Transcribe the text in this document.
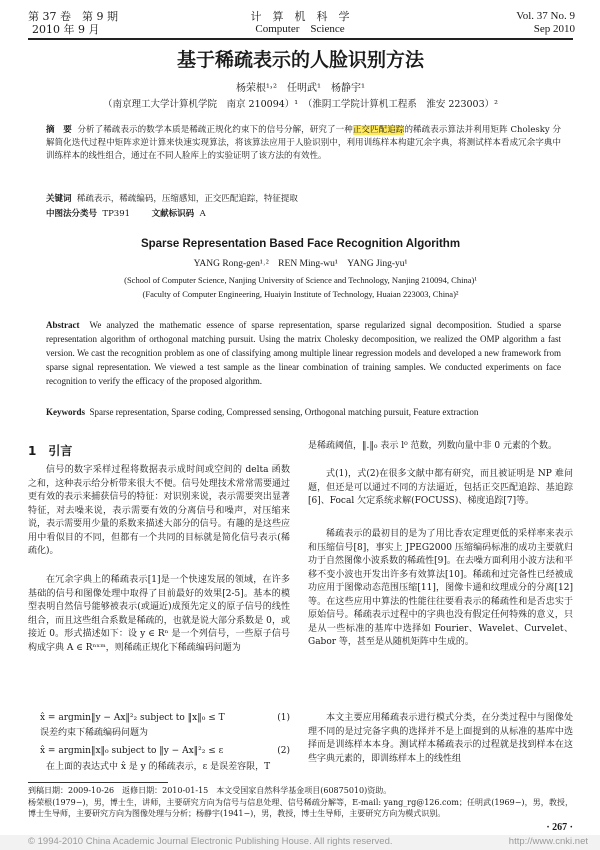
第 37 卷　第 9 期
2010 年 9 月
计　算　机　科　学
Computer　Science
Vol. 37 No. 9
Sep 2010
基于稀疏表示的人脸识别方法
杨荣根¹˒²　任明武¹　杨静宇¹
（南京理工大学计算机学院　南京 210094）¹　（淮阴工学院计算机工程系　淮安 223003）²
摘　要 分析了稀疏表示的数学本质是稀疏正规化约束下的信号分解，研究了一种正交匹配追踪的稀疏表示算法并利用矩阵 Cholesky 分解简化迭代过程中矩阵求逆计算来快速实现算法，将该算法应用于人脸识别中，利用训练样本构建冗余字典，将测试样本看成冗余字典中训练样本的线性组合，通过在不同人脸库上的实验证明了该方法的有效性。
关键词 稀疏表示，稀疏编码，压缩感知，正交匹配追踪，特征提取
中图法分类号 TP391	文献标识码 A
Sparse Representation Based Face Recognition Algorithm
YANG Rong-gen¹˒²　REN Ming-wu¹　YANG Jing-yu¹
(School of Computer Science, Nanjing University of Science and Technology, Nanjing 210094, China)¹
(Faculty of Computer Engineering, Huaiyin Institute of Technology, Huaian 223003, China)²
Abstract We analyzed the mathematic essence of sparse representation, sparse regularized signal decomposition. Studied a sparse representation algorithm of orthogonal matching pursuit. Using the matrix Cholesky decomposition, we realized the OMP algorithm a fast version. We cast the recognition problem as one of classifying among multiple linear regression models and developed a new framework from sparse signal representation. We viewed a test sample as the linear combination of training samples. We conducted experiments on face recognition to verify the efficacy of the proposed algorithm.
Keywords Sparse representation, Sparse coding, Compressed sensing, Orthogonal matching pursuit, Feature extraction
1　引言
信号的数字采样过程将数据表示成时间或空间的 delta 函数之和，这种表示给分析带来很大不便。信号处理技术常常需要通过更有效的表示来捕获信号的特征：对识别来说，表示需要突出显著特征，对去噪来说，表示需要有效的分离信号和噪声，对压缩来说，表示需要用少量的系数来描述大部分的信号。有趣的是这些应用中看似目的不同，但都有一个共同的目标就是简化信号表示(稀疏化)。
在冗余字典上的稀疏表示[1]是一个快速发展的领域，在许多基础的信号和图像处理中取得了目前最好的效果[2-5]。基本的模型表明自然信号能够被表示(或逼近)成预先定义的原子信号的线性组合，而且这些组合系数是稀疏的，也就是说大部分系数是 0，或接近 0。形式描述如下：设 y ∈ Rⁿ 是一个列信号，一些原子信号构成字典 A ∈ Rⁿˣᵐ，则稀疏正规化下稀疏编码问题为
x̂ = argmin‖y − Ax‖²₂ subject to ‖x‖₀ ≤ T	(1)
误差约束下稀疏编码问题为
x̂ = argmin‖x‖₀ subject to ‖y − Ax‖²₂ ≤ ε	(2)
在上面的表达式中 x̂ 是 y 的稀疏表示，ε 是误差容限，T
是稀疏阈值，‖.‖₀ 表示 l⁰ 范数，列数向量中非 0 元素的个数。
式(1)，式(2)在很多文献中都有研究，而且被证明是 NP 难问题，但还是可以通过不同的方法逼近，包括正交匹配追踪、基追踪[6]、Focal 欠定系统求解(FOCUSS)、梯度追踪[7]等。
稀疏表示的最初目的是为了用比香农定理更低的采样率来表示和压缩信号[8]，事实上 JPEG2000 压缩编码标准的成功主要就归功于自然图像小波系数的稀疏性[9]。在去噪方面利用小波方法和平移不变小波也开发出许多有效算法[10]。稀疏和过完备性已经被成功应用于图像动态范围压缩[11]，图像卡通和纹理成分的分离[12]等。在这些应用中算法的性能往往要看表示的稀疏性和是否忠实于原始信号。稀疏表示过程中的字典也没有假定任何特殊的意义，只是从一些标准的基库中选择如 Fourier、Wavelet、Curvelet、Gabor 等，甚至是从随机矩阵中生成的。
本文主要应用稀疏表示进行模式分类，在分类过程中与图像处理不同的是过完备字典的选择并不是上面提到的从标准的基库中选择而是训练样本本身。测试样本稀疏表示的过程就是找到样本在这些字典元素的，即训练样本上的线性组
到稿日期：2009-10-26　返修日期：2010-01-15　本文受国家自然科学基金项目(60875010)资助。
杨荣根(1979−)，男，博士生，讲师，主要研究方向为信号与信息处理、信号稀疏分解等，E-mail: yang_rg@126.com；任明武(1969−)，男，教授，博士生导师，主要研究方向为图像处理与分析；杨静宇(1941−)，男，教授，博士生导师，主要研究方向为模式识别。
· 267 ·
© 1994-2010 China Academic Journal Electronic Publishing House. All rights reserved.	http://www.cnki.net
